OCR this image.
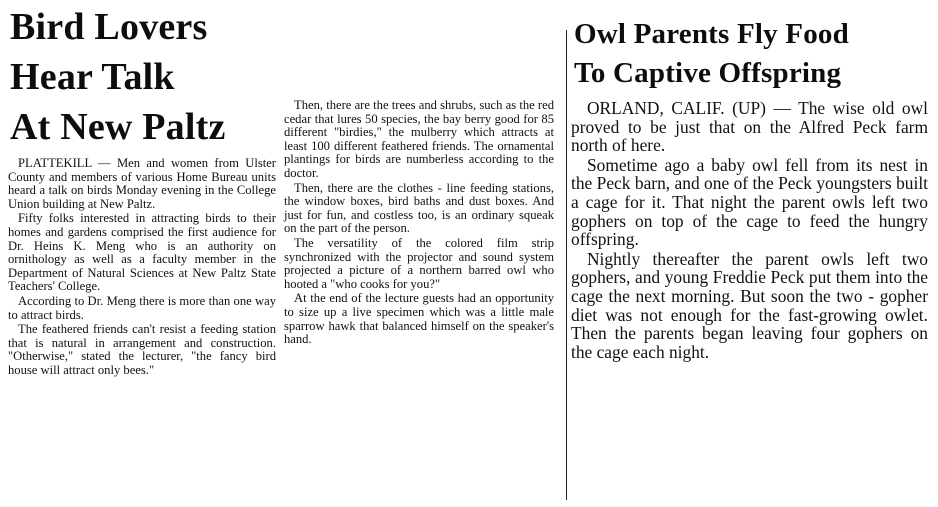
Bird Lovers
Hear Talk
At New Paltz

PLATTEKILL — Men and women from Ulster County and members of various Home Bureau units heard a talk on birds Monday evening in the College Union building at New Paltz.

Fifty folks interested in attracting birds to their homes and gardens comprised the first audience for Dr. Heins K. Meng who is an authority on ornithology as well as a faculty member in the Department of Natural Sciences at New Paltz State Teachers' College.

According to Dr. Meng there is more than one way to attract birds.

The feathered friends can't resist a feeding station that is natural in arrangement and construction. "Otherwise," stated the lecturer, "the fancy bird house will attract only bees."

Then, there are the trees and shrubs, such as the red cedar that lures 50 species, the bay berry good for 85 different "birdies," the mulberry which attracts at least 100 different feathered friends. The ornamental plantings for birds are numberless according to the doctor.

Then, there are the clothes - line feeding stations, the window boxes, bird baths and dust boxes. And just for fun, and costless too, is an ordinary squeak on the part of the person.

The versatility of the colored film strip synchronized with the projector and sound system projected a picture of a northern barred owl who hooted a "who cooks for you?"

At the end of the lecture guests had an opportunity to size up a live specimen which was a little male sparrow hawk that balanced himself on the speaker's hand.

Owl Parents Fly Food
To Captive Offspring

ORLAND, CALIF. (UP) — The wise old owl proved to be just that on the Alfred Peck farm north of here.

Sometime ago a baby owl fell from its nest in the Peck barn, and one of the Peck youngsters built a cage for it. That night the parent owls left two gophers on top of the cage to feed the hungry offspring.

Nightly thereafter the parent owls left two gophers, and young Freddie Peck put them into the cage the next morning. But soon the two - gopher diet was not enough for the fast-growing owlet. Then the parents began leaving four gophers on the cage each night.
